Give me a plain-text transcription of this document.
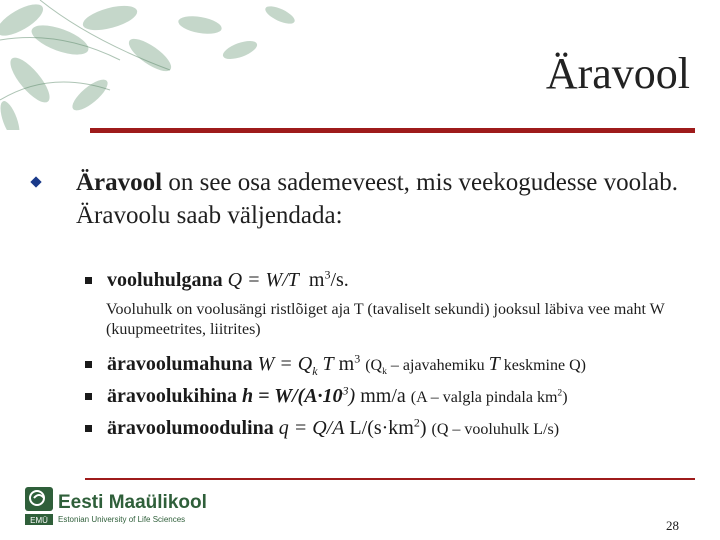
Äravool
Äravool on see osa sademeveest, mis veekogudesse voolab.
Äravoolu saab väljendada:
vooluhulgana Q = W/T $m^3/s$.
Vooluhulk on voolusängi ristlõiget aja T (tavaliselt sekundi) jooksul läbiva vee maht W (kuupmeetrites, liitrites)
äravoolumahuna $W = Q_k$ T $m^3$ ($Q_k$ – ajavahemiku T keskmine Q)
äravoolukihina $h = W/(A\cdot 10^3)$ mm/a (A – valgla pindala $km^2$)
äravoolumoodulina q = Q/A $L/(s\cdot km^2)$ (Q – vooluhulk L/s)
EMÜ
Eesti Maaülikool
Estonian University of Life Sciences	28
